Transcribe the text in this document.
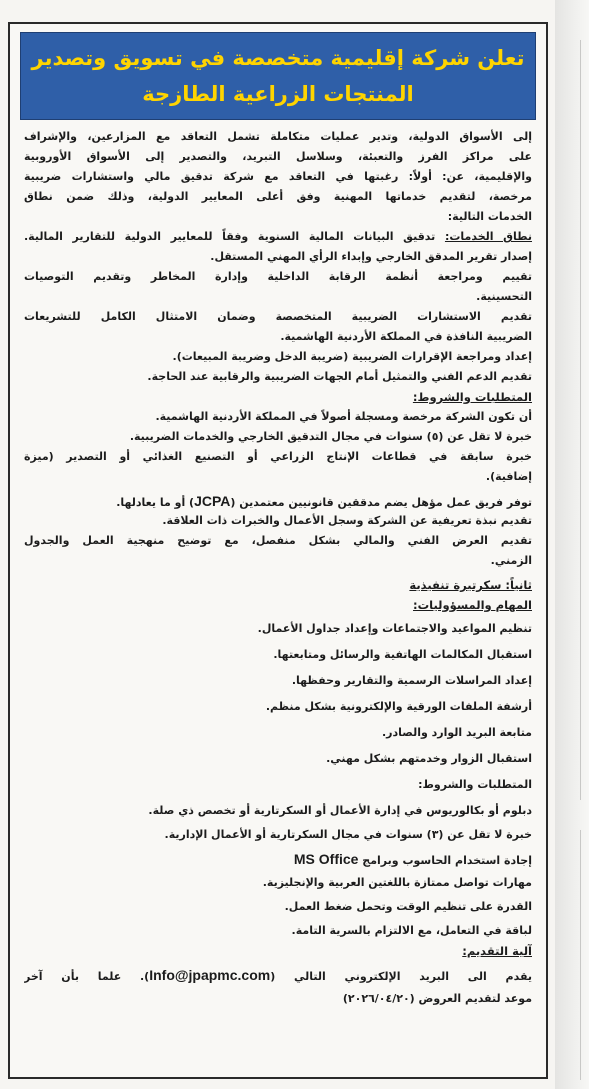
تعلن شركة إقليمية متخصصة في تسويق وتصدير

المنتجات الزراعية الطازجة

إلى الأسواق الدولية، وتدير عمليات متكاملة تشمل التعاقد مع المزارعين، والإشراف

على مراكز الفرز والتعبئة، وسلاسل التبريد، والتصدير إلى الأسواق الأوروبية

والإقليمية، عن: أولاً: رغبتها في التعاقد مع شركة تدقيق مالي واستشارات ضريبية

مرخصة، لتقديم خدماتها المهنية وفق أعلى المعايير الدولية، وذلك ضمن نطاق

الخدمات التالية:

نطاق الخدمات: تدقيق البيانات المالية السنوية وفقاً للمعايير الدولية للتقارير المالية.

إصدار تقرير المدقق الخارجي وإبداء الرأي المهني المستقل.

تقييم ومراجعة أنظمة الرقابة الداخلية وإدارة المخاطر وتقديم التوصيات

التحسينية.

تقديم الاستشارات الضريبية المتخصصة وضمان الامتثال الكامل للتشريعات

الضريبية النافذة في المملكة الأردنية الهاشمية.

إعداد ومراجعة الإقرارات الضريبية (ضريبة الدخل وضريبة المبيعات).

تقديم الدعم الفني والتمثيل أمام الجهات الضريبية والرقابية عند الحاجة.

المتطلبات والشروط:

أن تكون الشركة مرخصة ومسجلة أصولاً في المملكة الأردنية الهاشمية.

خبرة لا تقل عن (٥) سنوات في مجال التدقيق الخارجي والخدمات الضريبية.

خبرة سابقة في قطاعات الإنتاج الزراعي أو التصنيع الغذائي أو التصدير (ميزة

إضافية).

توفر فريق عمل مؤهل يضم مدققين قانونيين معتمدين (JCPA) أو ما يعادلها.

تقديم نبذة تعريفية عن الشركة وسجل الأعمال والخبرات ذات العلاقة.

تقديم العرض الفني والمالي بشكل منفصل، مع توضيح منهجية العمل والجدول

الزمني.

ثانياً: سكرتيرة تنفيذية

المهام والمسؤوليات:

تنظيم المواعيد والاجتماعات وإعداد جداول الأعمال.

استقبال المكالمات الهاتفية والرسائل ومتابعتها.

إعداد المراسلات الرسمية والتقارير وحفظها.

أرشفة الملفات الورقية والإلكترونية بشكل منظم.

متابعة البريد الوارد والصادر.

استقبال الزوار وخدمتهم بشكل مهني.

المتطلبات والشروط:

دبلوم أو بكالوريوس في إدارة الأعمال أو السكرتارية أو تخصص ذي صلة.

خبرة لا تقل عن (٣) سنوات في مجال السكرتارية أو الأعمال الإدارية.

إجادة استخدام الحاسوب وبرامج MS Office

مهارات تواصل ممتازة باللغتين العربية والإنجليزية.

القدرة على تنظيم الوقت وتحمل ضغط العمل.

لباقة في التعامل، مع الالتزام بالسرية التامة.

آلية التقديم:

يقدم الى البريد الإلكتروني التالي (Info@jpapmc.com). علما بأن آخر

موعد لتقديم العروض (٢٠٢٦/٠٤/٢٠)
